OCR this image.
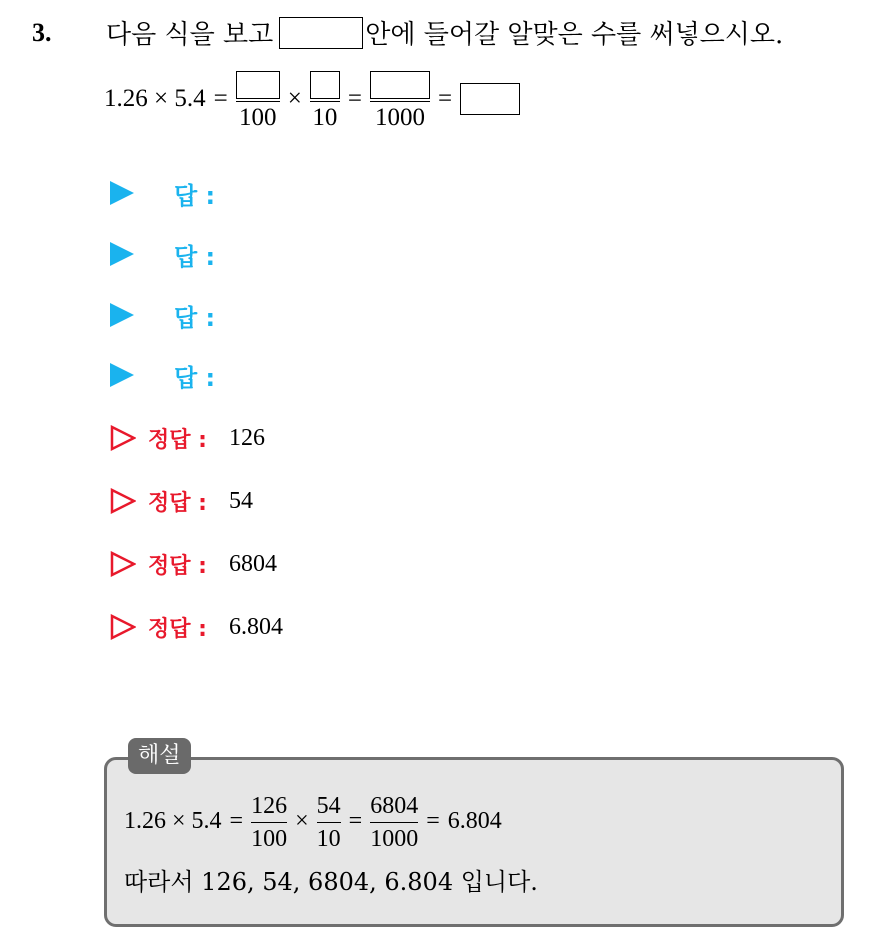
3. 다음 식을 보고	안에 들어갈 알맞은 수를 써넣으시오.
1.26 × 5.4 =
100
×
10
=
1000
=
답 :
답 :
답 :
답 :
정답 : 126
정답 : 54
정답 : 6804
정답 : 6.804
해설
$1.26 \times 5.4 = \frac{126}{100} \times \frac{54}{10} = \frac{6804}{1000} = 6.804$
따라서 126, 54, 6804, 6.804 입니다.
